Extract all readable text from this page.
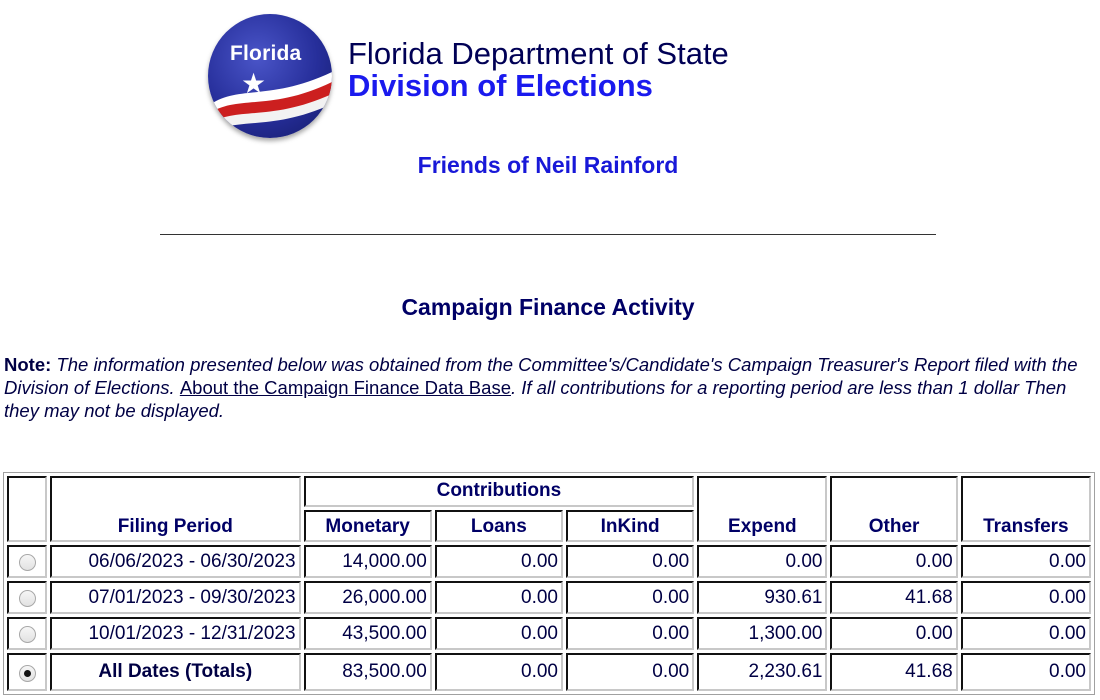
Florida
★
Florida Department of State
Division of Elections
Friends of Neil Rainford
Campaign Finance Activity
Note: The information presented below was obtained from the Committee's/Candidate's Campaign Treasurer's Report filed with the Division of Elections. About the Campaign Finance Data Base. If all contributions for a reporting period are less than 1 dollar Then they may not be displayed.
	Filing Period	Contributions			Expend	Other	Transfers
		Monetary	Loans	InKind			
	06/06/2023 - 06/30/2023	14,000.00	0.00	0.00	0.00	0.00	0.00
	07/01/2023 - 09/30/2023	26,000.00	0.00	0.00	930.61	41.68	0.00
	10/01/2023 - 12/31/2023	43,500.00	0.00	0.00	1,300.00	0.00	0.00
	All Dates (Totals)	83,500.00	0.00	0.00	2,230.61	41.68	0.00
